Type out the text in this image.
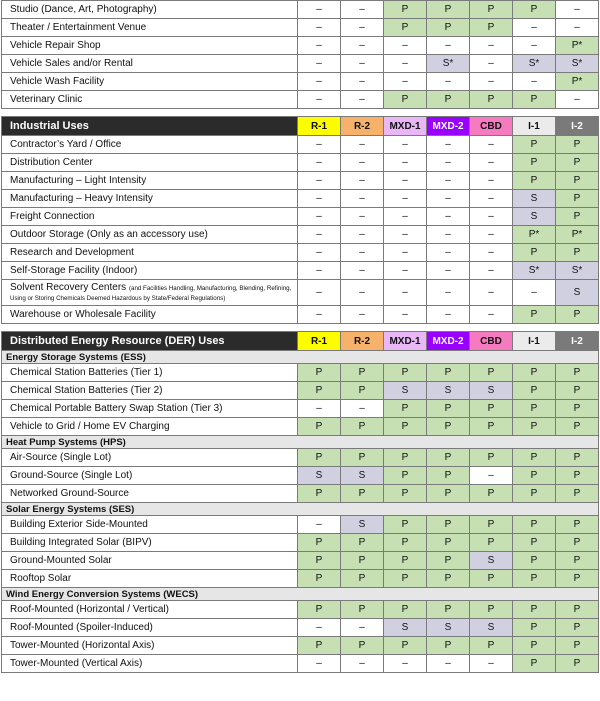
Studio (Dance, Art, Photography)	–	–	P	P	P	P	–
Theater / Entertainment Venue	–	–	P	P	P	–	–
Vehicle Repair Shop	–	–	–	–	–	–	P*
Vehicle Sales and/or Rental	–	–	–	S*	–	S*	S*
Vehicle Wash Facility	–	–	–	–	–	–	P*
Veterinary Clinic	–	–	P	P	P	P	–

Industrial Uses	R-1	R-2	MXD-1	MXD-2	CBD	I-1	I-2
Contractor’s Yard / Office	–	–	–	–	–	P	P
Distribution Center	–	–	–	–	–	P	P
Manufacturing – Light Intensity	–	–	–	–	–	P	P
Manufacturing – Heavy Intensity	–	–	–	–	–	S	P
Freight Connection	–	–	–	–	–	S	P
Outdoor Storage (Only as an accessory use)	–	–	–	–	–	P*	P*
Research and Development	–	–	–	–	–	P	P
Self-Storage Facility (Indoor)	–	–	–	–	–	S*	S*
Solvent Recovery Centers (and Facilities Handling, Manufacturing, Blending, Refining, Using or Storing Chemicals Deemed Hazardous by State/Federal Regulations)	–	–	–	–	–	–	S
Warehouse or Wholesale Facility	–	–	–	–	–	P	P

Distributed Energy Resource (DER) Uses	R-1	R-2	MXD-1	MXD-2	CBD	I-1	I-2
Energy Storage Systems (ESS)							
Chemical Station Batteries (Tier 1)	P	P	P	P	P	P	P
Chemical Station Batteries (Tier 2)	P	P	S	S	S	P	P
Chemical Portable Battery Swap Station (Tier 3)	–	–	P	P	P	P	P
Vehicle to Grid / Home EV Charging	P	P	P	P	P	P	P
Heat Pump Systems (HPS)							
Air-Source (Single Lot)	P	P	P	P	P	P	P
Ground-Source (Single Lot)	S	S	P	P	–	P	P
Networked Ground-Source	P	P	P	P	P	P	P
Solar Energy Systems (SES)							
Building Exterior Side-Mounted	–	S	P	P	P	P	P
Building Integrated Solar (BIPV)	P	P	P	P	P	P	P
Ground-Mounted Solar	P	P	P	P	S	P	P
Rooftop Solar	P	P	P	P	P	P	P
Wind Energy Conversion Systems (WECS)							
Roof-Mounted (Horizontal / Vertical)	P	P	P	P	P	P	P
Roof-Mounted (Spoiler-Induced)	–	–	S	S	S	P	P
Tower-Mounted (Horizontal Axis)	P	P	P	P	P	P	P
Tower-Mounted (Vertical Axis)	–	–	–	–	–	P	P
